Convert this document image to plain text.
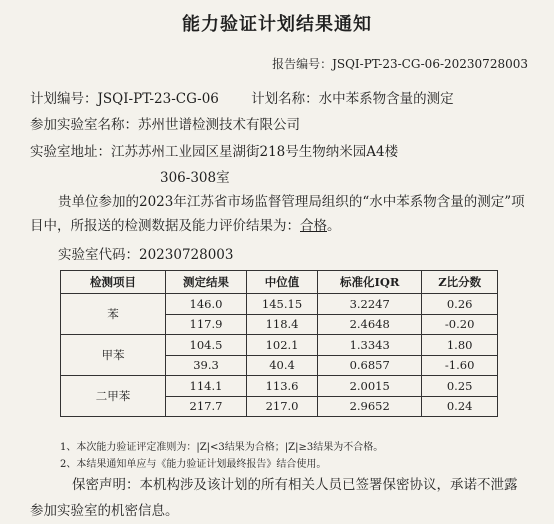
能力验证计划结果通知
报告编号：JSQI-PT-23-CG-06-20230728003
计划编号：JSQI-PT-23-CG-06 计划名称：水中苯系物含量的测定
参加实验室名称：苏州世谱检测技术有限公司
实验室地址：江苏苏州工业园区星湖街218号生物纳米园A4楼
306-308室
贵单位参加的2023年江苏省市场监督管理局组织的“水中苯系物含量的测定”项目中，所报送的检测数据及能力评价结果为：合格。
实验室代码：20230728003
检测项目	测定结果	中位值	标准化IQR	Z比分数
苯	146.0	145.15	3.2247	0.26
	117.9	118.4	2.4648	-0.20
甲苯	104.5	102.1	1.3343	1.80
	39.3	40.4	0.6857	-1.60
二甲苯	114.1	113.6	2.0015	0.25
	217.7	217.0	2.9652	0.24
1、本次能力验证评定准则为：|Z|<3结果为合格；|Z|≥3结果为不合格。
2、本结果通知单应与《能力验证计划最终报告》结合使用。
保密声明：本机构涉及该计划的所有相关人员已签署保密协议，承诺不泄露参加实验室的机密信息。
